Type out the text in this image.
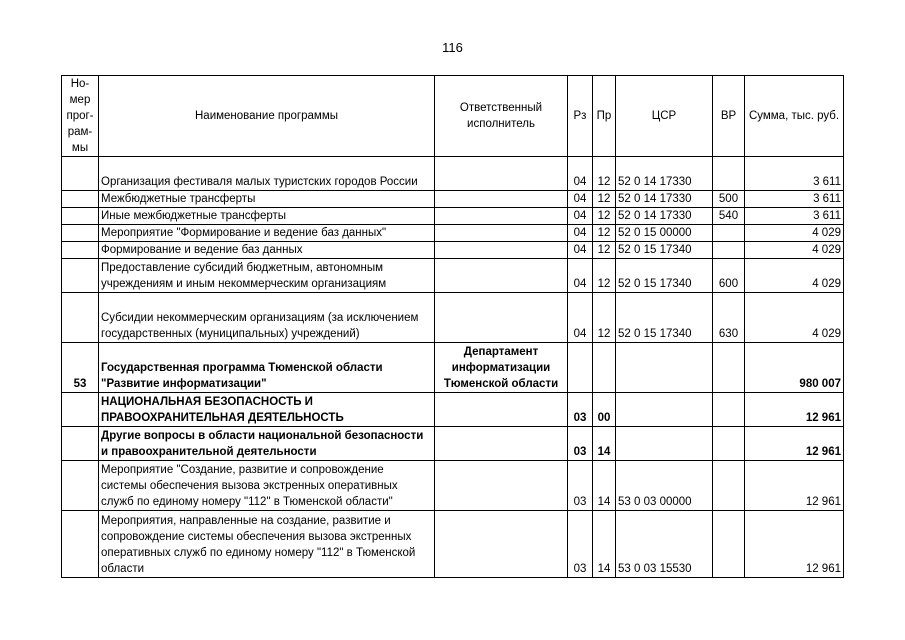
116
Но-мер прог-рам-мы	Наименование программы	Ответственный исполнитель	Рз	Пр	ЦСР	ВР	Сумма, тыс. руб.
	Организация фестиваля малых туристских городов России		04	12	52 0 14 17330		3 611
	Межбюджетные трансферты		04	12	52 0 14 17330	500	3 611
	Иные межбюджетные трансферты		04	12	52 0 14 17330	540	3 611
	Мероприятие "Формирование и ведение баз данных"		04	12	52 0 15 00000		4 029
	Формирование и ведение баз данных		04	12	52 0 15 17340		4 029
	Предоставление субсидий бюджетным, автономным учреждениям и иным некоммерческим организациям		04	12	52 0 15 17340	600	4 029
	Субсидии некоммерческим организациям (за исключением государственных (муниципальных) учреждений)		04	12	52 0 15 17340	630	4 029
53	Государственная программа Тюменской области "Развитие информатизации"	Департамент информатизации Тюменской области					980 007
	НАЦИОНАЛЬНАЯ БЕЗОПАСНОСТЬ И ПРАВООХРАНИТЕЛЬНАЯ ДЕЯТЕЛЬНОСТЬ		03	00			12 961
	Другие вопросы в области национальной безопасности и правоохранительной деятельности		03	14			12 961
	Мероприятие "Создание, развитие и сопровождение системы обеспечения вызова экстренных оперативных служб по единому номеру "112" в Тюменской области"		03	14	53 0 03 00000		12 961
	Мероприятия, направленные на создание, развитие и сопровождение системы обеспечения вызова экстренных оперативных служб по единому номеру "112" в Тюменской области		03	14	53 0 03 15530		12 961
